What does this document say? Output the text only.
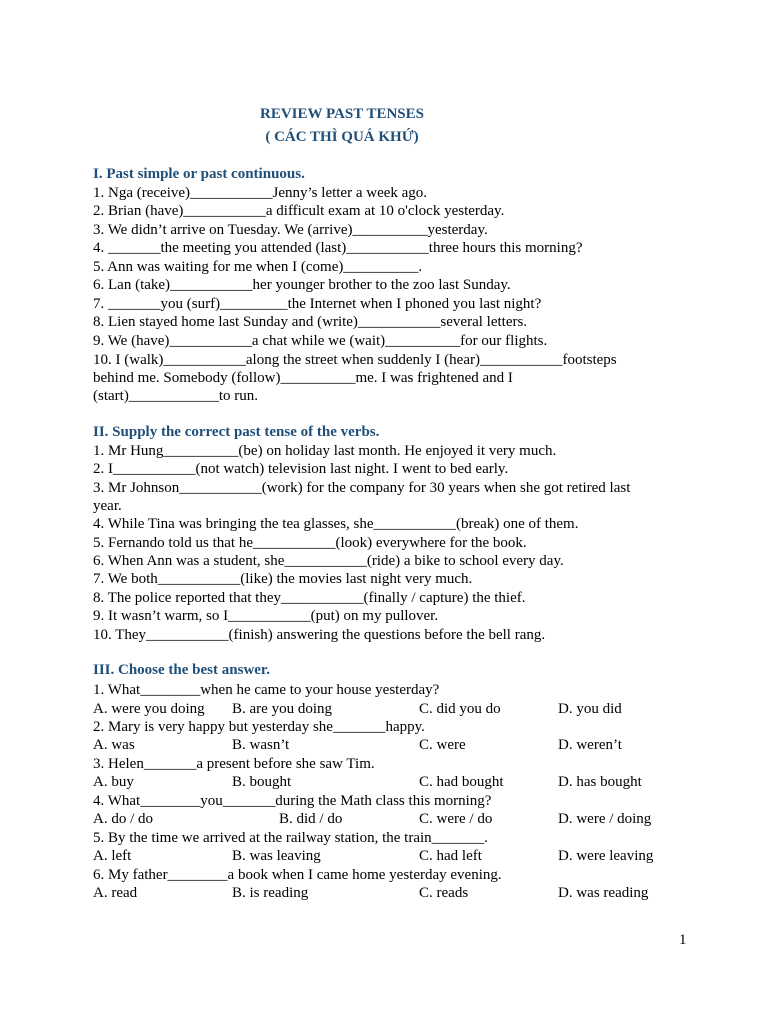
REVIEW PAST TENSES
( CÁC THÌ QUÁ KHỨ)
I. Past simple or past continuous.
1. Nga (receive)___________Jenny’s letter a week ago.
2. Brian (have)___________a difficult exam at 10 o'clock yesterday.
3. We didn’t arrive on Tuesday. We (arrive)__________yesterday.
4. _______the meeting you attended (last)___________three hours this morning?
5. Ann was waiting for me when I (come)__________.
6. Lan (take)___________her younger brother to the zoo last Sunday.
7. _______you (surf)_________the Internet when I phoned you last night?
8. Lien stayed home last Sunday and (write)___________several letters.
9. We (have)___________a chat while we (wait)__________for our flights.
10. I (walk)___________along the street when suddenly I (hear)___________footsteps
behind me. Somebody (follow)__________me. I was frightened and I
(start)____________to run.
II. Supply the correct past tense of the verbs.
1. Mr Hung__________(be) on holiday last month. He enjoyed it very much.
2. I___________(not watch) television last night. I went to bed early.
3. Mr Johnson___________(work) for the company for 30 years when she got retired last
year.
4. While Tina was bringing the tea glasses, she___________(break) one of them.
5. Fernando told us that he___________(look) everywhere for the book.
6. When Ann was a student, she___________(ride) a bike to school every day.
7. We both___________(like) the movies last night very much.
8. The police reported that they___________(finally / capture) the thief.
9. It wasn’t warm, so I___________(put) on my pullover.
10. They___________(finish) answering the questions before the bell rang.
III. Choose the best answer.
1. What________when he came to your house yesterday?
A. were you doing B. are you doing	C. did you do	D. you did
2. Mary is very happy but yesterday she_______happy.
A. was	B. wasn’t	C. were	D. weren’t
3. Helen_______a present before she saw Tim.
A. buy	B. bought	C. had bought	D. has bought
4. What________you_______during the Math class this morning?
A. do / do	B. did / do	C. were / do	D. were / doing
5. By the time we arrived at the railway station, the train_______.
A. left	B. was leaving	C. had left	D. were leaving
6. My father________a book when I came home yesterday evening.
A. read	B. is reading	C. reads	D. was reading
1
